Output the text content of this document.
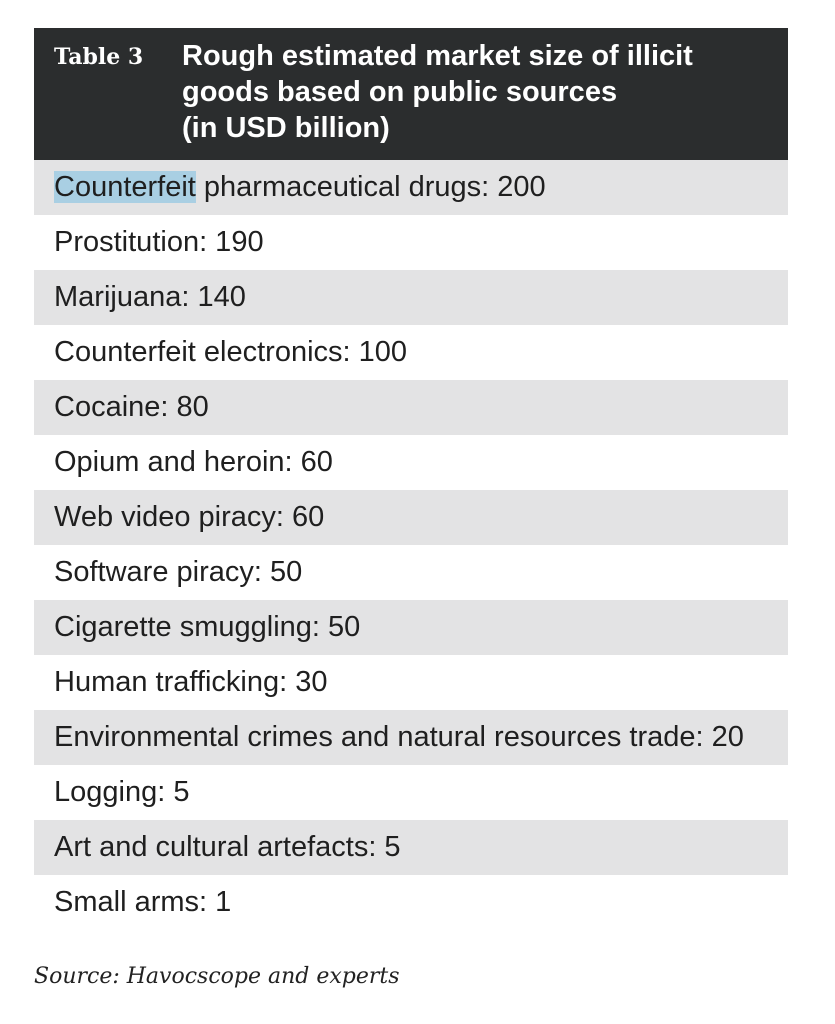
Table 3 Rough estimated market size of illicit
goods based on public sources
(in USD billion)
Counterfeit pharmaceutical drugs: 200
Prostitution: 190
Marijuana: 140
Counterfeit electronics: 100
Cocaine: 80
Opium and heroin: 60
Web video piracy: 60
Software piracy: 50
Cigarette smuggling: 50
Human trafficking: 30
Environmental crimes and natural resources trade: 20
Logging: 5
Art and cultural artefacts: 5
Small arms: 1
Source: Havocscope and experts
